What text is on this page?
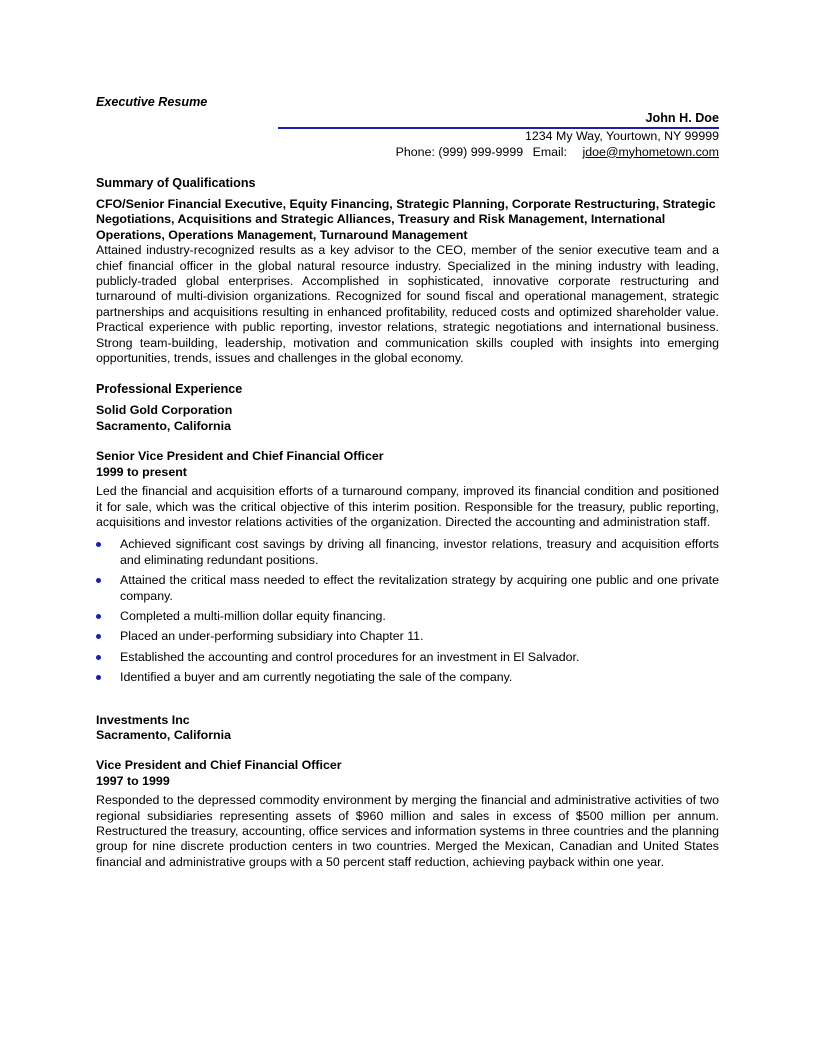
Executive Resume

John H. Doe

1234 My Way, Yourtown, NY 99999

Phone: (999) 999-9999 Email: jdoe@myhometown.com

Summary of Qualifications

CFO/Senior Financial Executive, Equity Financing, Strategic Planning, Corporate Restructuring, Strategic Negotiations, Acquisitions and Strategic Alliances, Treasury and Risk Management, International Operations, Operations Management, Turnaround Management

Attained industry-recognized results as a key advisor to the CEO, member of the senior executive team and a chief financial officer in the global natural resource industry. Specialized in the mining industry with leading, publicly-traded global enterprises. Accomplished in sophisticated, innovative corporate restructuring and turnaround of multi-division organizations. Recognized for sound fiscal and operational management, strategic partnerships and acquisitions resulting in enhanced profitability, reduced costs and optimized shareholder value. Practical experience with public reporting, investor relations, strategic negotiations and international business. Strong team-building, leadership, motivation and communication skills coupled with insights into emerging opportunities, trends, issues and challenges in the global economy.

Professional Experience

Solid Gold Corporation

Sacramento, California

Senior Vice President and Chief Financial Officer

1999 to present

Led the financial and acquisition efforts of a turnaround company, improved its financial condition and positioned it for sale, which was the critical objective of this interim position. Responsible for the treasury, public reporting, acquisitions and investor relations activities of the organization. Directed the accounting and administration staff.

Achieved significant cost savings by driving all financing, investor relations, treasury and acquisition efforts and eliminating redundant positions.
Attained the critical mass needed to effect the revitalization strategy by acquiring one public and one private company.
Completed a multi-million dollar equity financing.
Placed an under-performing subsidiary into Chapter 11.
Established the accounting and control procedures for an investment in El Salvador.
Identified a buyer and am currently negotiating the sale of the company.

Investments Inc

Sacramento, California

Vice President and Chief Financial Officer

1997 to 1999

Responded to the depressed commodity environment by merging the financial and administrative activities of two regional subsidiaries representing assets of $960 million and sales in excess of $500 million per annum. Restructured the treasury, accounting, office services and information systems in three countries and the planning group for nine discrete production centers in two countries. Merged the Mexican, Canadian and United States financial and administrative groups with a 50 percent staff reduction, achieving payback within one year.
